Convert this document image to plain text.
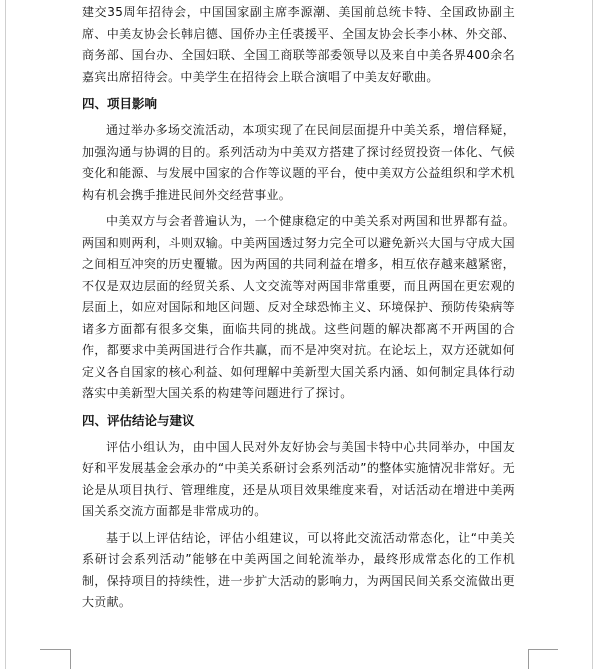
建交35周年招待会，中国国家副主席李源潮、美国前总统卡特、全国政协副主席、中美友协会长韩启德、国侨办主任裘援平、全国友协会长李小林、外交部、商务部、国台办、全国妇联、全国工商联等部委领导以及来自中美各界400余名嘉宾出席招待会。中美学生在招待会上联合演唱了中美友好歌曲。

四、项目影响

通过举办多场交流活动，本项实现了在民间层面提升中美关系，增信释疑，加强沟通与协调的目的。系列活动为中美双方搭建了探讨经贸投资一体化、气候变化和能源、与发展中国家的合作等议题的平台，使中美双方公益组织和学术机构有机会携手推进民间外交经营事业。

中美双方与会者普遍认为，一个健康稳定的中美关系对两国和世界都有益。两国和则两利，斗则双输。中美两国透过努力完全可以避免新兴大国与守成大国之间相互冲突的历史覆辙。因为两国的共同利益在增多，相互依存越来越紧密，不仅是双边层面的经贸关系、人文交流等对两国非常重要，而且两国在更宏观的层面上，如应对国际和地区问题、反对全球恐怖主义、环境保护、预防传染病等诸多方面都有很多交集，面临共同的挑战。这些问题的解决都离不开两国的合作，都要求中美两国进行合作共赢，而不是冲突对抗。在论坛上，双方还就如何定义各自国家的核心利益、如何理解中美新型大国关系内涵、如何制定具体行动落实中美新型大国关系的构建等问题进行了探讨。

四、评估结论与建议

评估小组认为，由中国人民对外友好协会与美国卡特中心共同举办，中国友好和平发展基金会承办的“中美关系研讨会系列活动”的整体实施情况非常好。无论是从项目执行、管理维度，还是从项目效果维度来看，对话活动在增进中美两国关系交流方面都是非常成功的。

基于以上评估结论，评估小组建议，可以将此交流活动常态化，让“中美关系研讨会系列活动”能够在中美两国之间轮流举办，最终形成常态化的工作机制，保持项目的持续性，进一步扩大活动的影响力，为两国民间关系交流做出更大贡献。
